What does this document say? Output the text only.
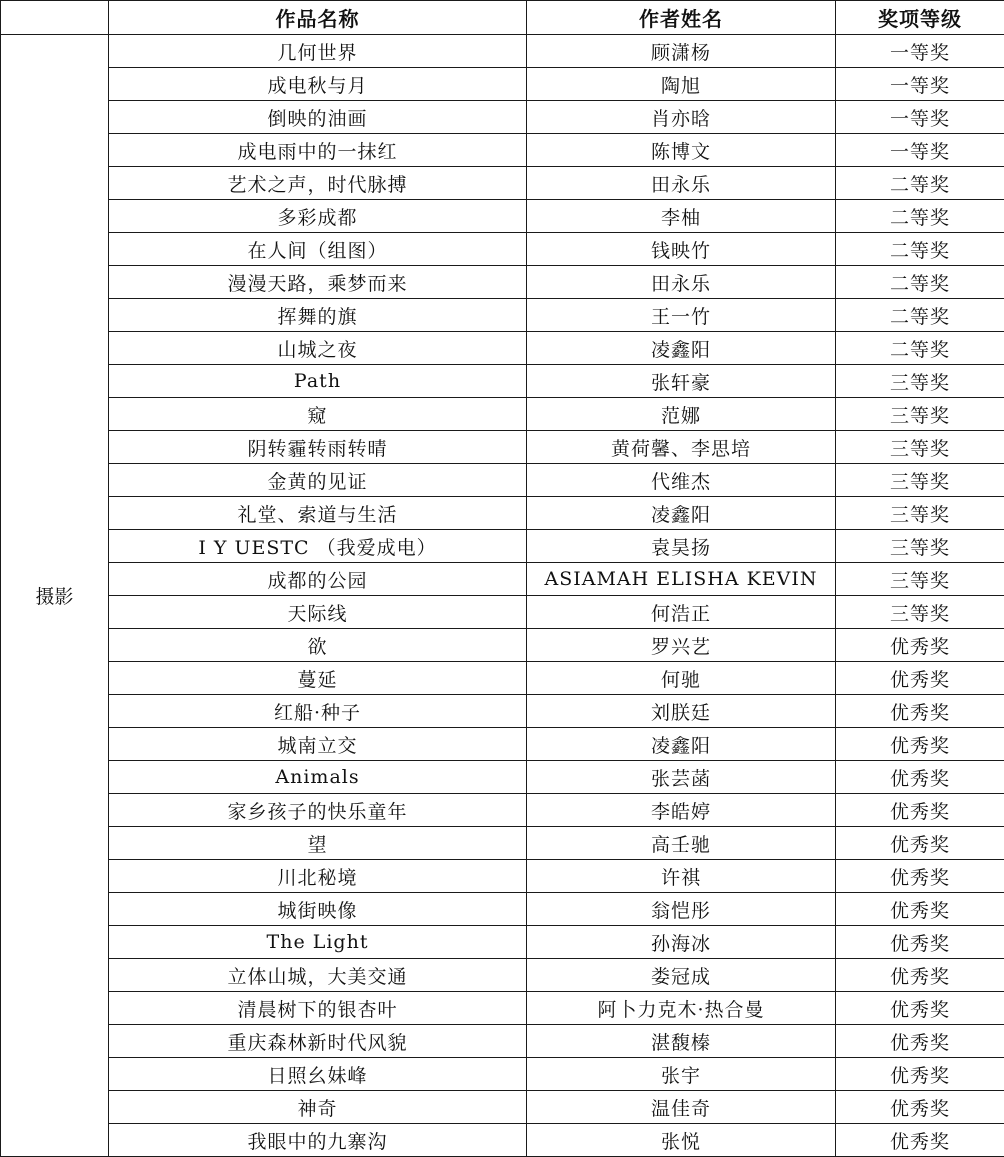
	作品名称	作者姓名	奖项等级
摄影	几何世界	顾潇杨	一等奖
	成电秋与月	陶旭	一等奖
	倒映的油画	肖亦晗	一等奖
	成电雨中的一抹红	陈博文	一等奖
	艺术之声，时代脉搏	田永乐	二等奖
	多彩成都	李柚	二等奖
	在人间（组图）	钱映竹	二等奖
	漫漫天路，乘梦而来	田永乐	二等奖
	挥舞的旗	王一竹	二等奖
	山城之夜	凌鑫阳	二等奖
	Path	张轩豪	三等奖
	窥	范娜	三等奖
	阴转霾转雨转晴	黄荷馨、李思培	三等奖
	金黄的见证	代维杰	三等奖
	礼堂、索道与生活	凌鑫阳	三等奖
	I Y UESTC （我爱成电）	袁昊扬	三等奖
	成都的公园	ASIAMAH ELISHA KEVIN	三等奖
	天际线	何浩正	三等奖
	欲	罗兴艺	优秀奖
	蔓延	何驰	优秀奖
	红船·种子	刘朕廷	优秀奖
	城南立交	凌鑫阳	优秀奖
	Animals	张芸菡	优秀奖
	家乡孩子的快乐童年	李皓婷	优秀奖
	望	高壬驰	优秀奖
	川北秘境	许祺	优秀奖
	城街映像	翁恺彤	优秀奖
	The Light	孙海冰	优秀奖
	立体山城，大美交通	娄冠成	优秀奖
	清晨树下的银杏叶	阿卜力克木·热合曼	优秀奖
	重庆森林新时代风貌	湛馥榛	优秀奖
	日照幺妹峰	张宇	优秀奖
	神奇	温佳奇	优秀奖
	我眼中的九寨沟	张悦	优秀奖
